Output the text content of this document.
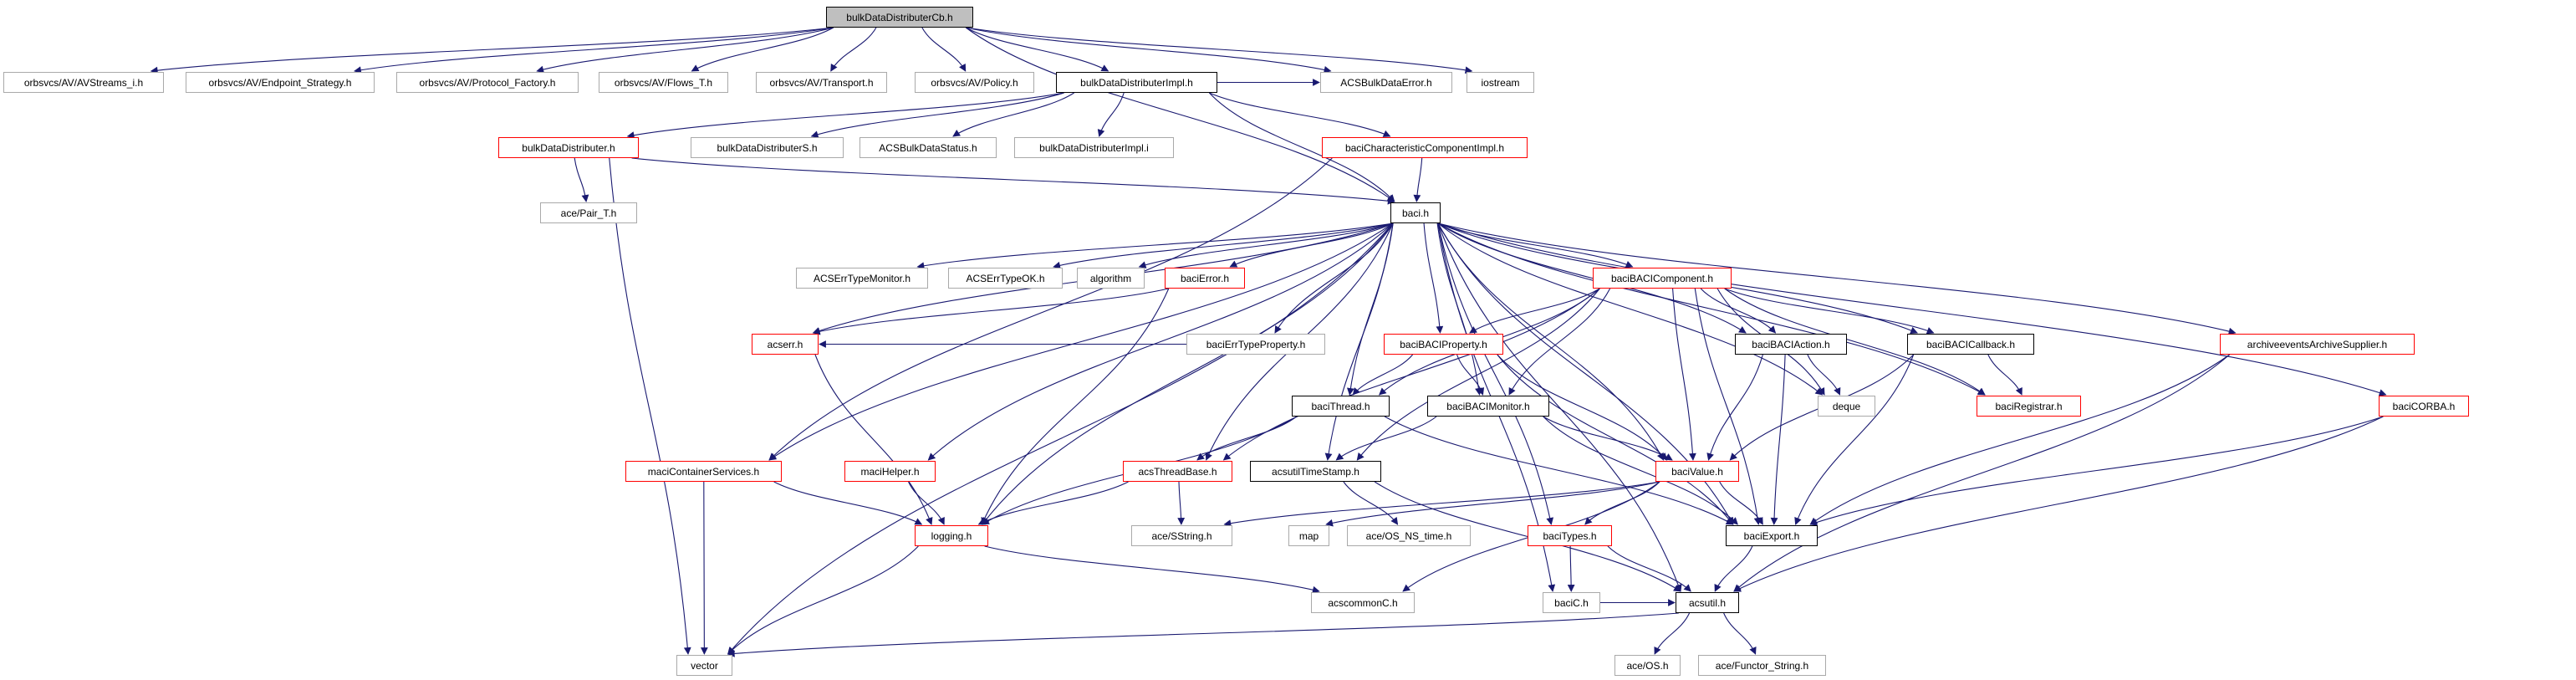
bulkDataDistributerCb.h
orbsvcs/AV/AVStreams_i.h	orbsvcs/AV/Endpoint_Strategy.h	orbsvcs/AV/Protocol_Factory.h	orbsvcs/AV/Flows_T.h	orbsvcs/AV/Transport.h	orbsvcs/AV/Policy.h	bulkDataDistributerImpl.h	ACSBulkDataError.h	iostream
bulkDataDistributer.h	bulkDataDistributerS.h	ACSBulkDataStatus.h	bulkDataDistributerImpl.i	baciCharacteristicComponentImpl.h
ace/Pair_T.h	baci.h
ACSErrTypeMonitor.h	ACSErrTypeOK.h	algorithm	baciError.h	baciBACIComponent.h
acserr.h	baciErrTypeProperty.h	baciBACIProperty.h	baciBACIAction.h	baciBACICallback.h	archiveeventsArchiveSupplier.h
baciThread.h	baciBACIMonitor.h	deque	baciRegistrar.h	baciCORBA.h
maciContainerServices.h	maciHelper.h	acsThreadBase.h	acsutilTimeStamp.h	baciValue.h
logging.h	ace/SString.h	map	ace/OS_NS_time.h	baciTypes.h	baciExport.h
acscommonC.h	baciC.h	acsutil.h
vector	ace/OS.h	ace/Functor_String.h
